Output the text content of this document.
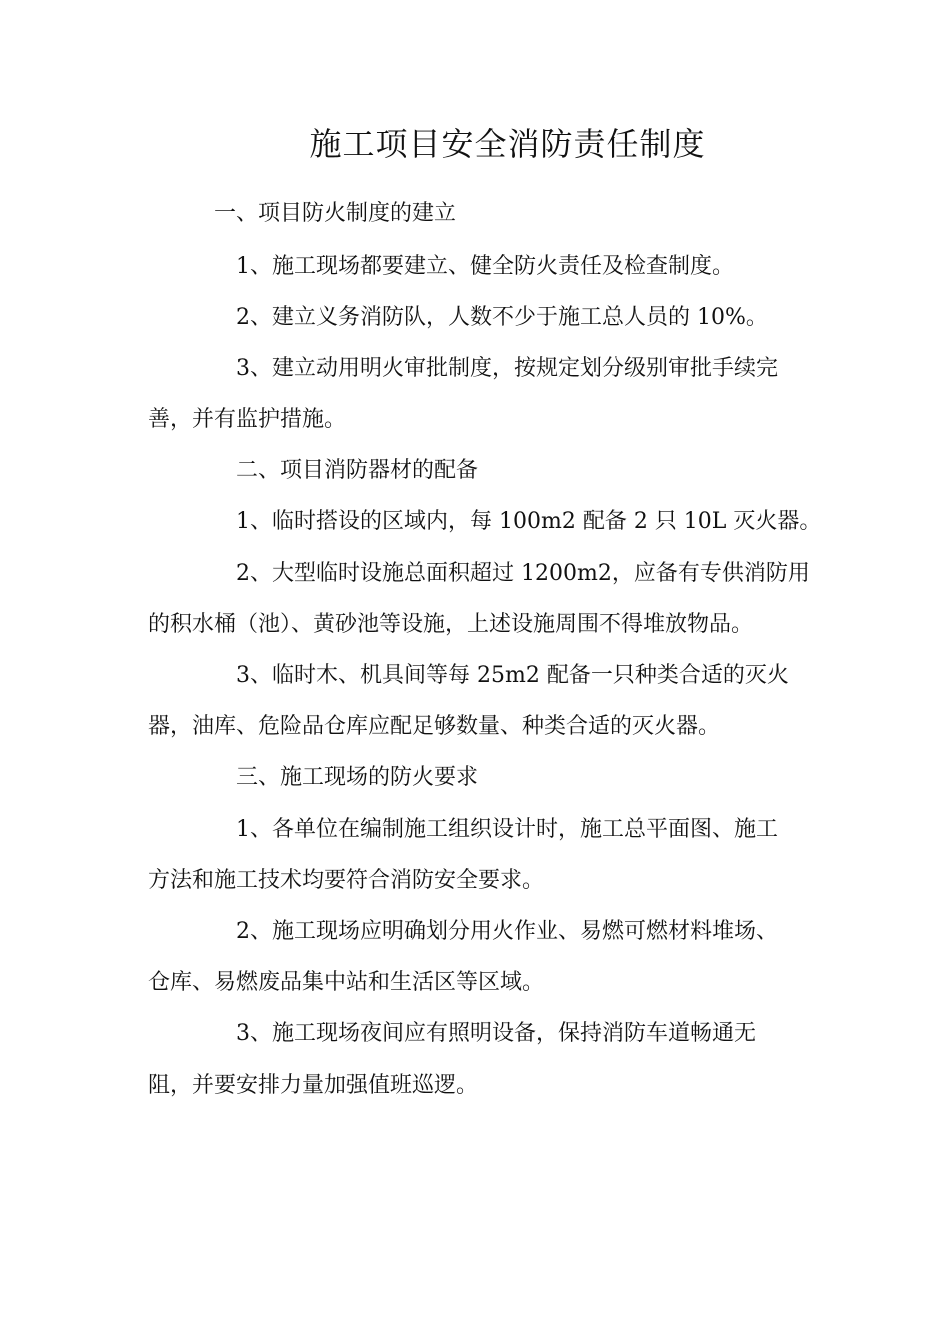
施工项目安全消防责任制度
一、项目防火制度的建立
1、施工现场都要建立、健全防火责任及检查制度。
2、建立义务消防队，人数不少于施工总人员的 10%。
3、建立动用明火审批制度，按规定划分级别审批手续完
善，并有监护措施。
二、项目消防器材的配备
1、临时搭设的区域内，每 100m2 配备 2 只 10L 灭火器。
2、大型临时设施总面积超过 1200m2，应备有专供消防用
的积水桶（池）、黄砂池等设施，上述设施周围不得堆放物品。
3、临时木、机具间等每 25m2 配备一只种类合适的灭火
器，油库、危险品仓库应配足够数量、种类合适的灭火器。
三、施工现场的防火要求
1、各单位在编制施工组织设计时，施工总平面图、施工
方法和施工技术均要符合消防安全要求。
2、施工现场应明确划分用火作业、易燃可燃材料堆场、
仓库、易燃废品集中站和生活区等区域。
3、施工现场夜间应有照明设备，保持消防车道畅通无
阻，并要安排力量加强值班巡逻。
